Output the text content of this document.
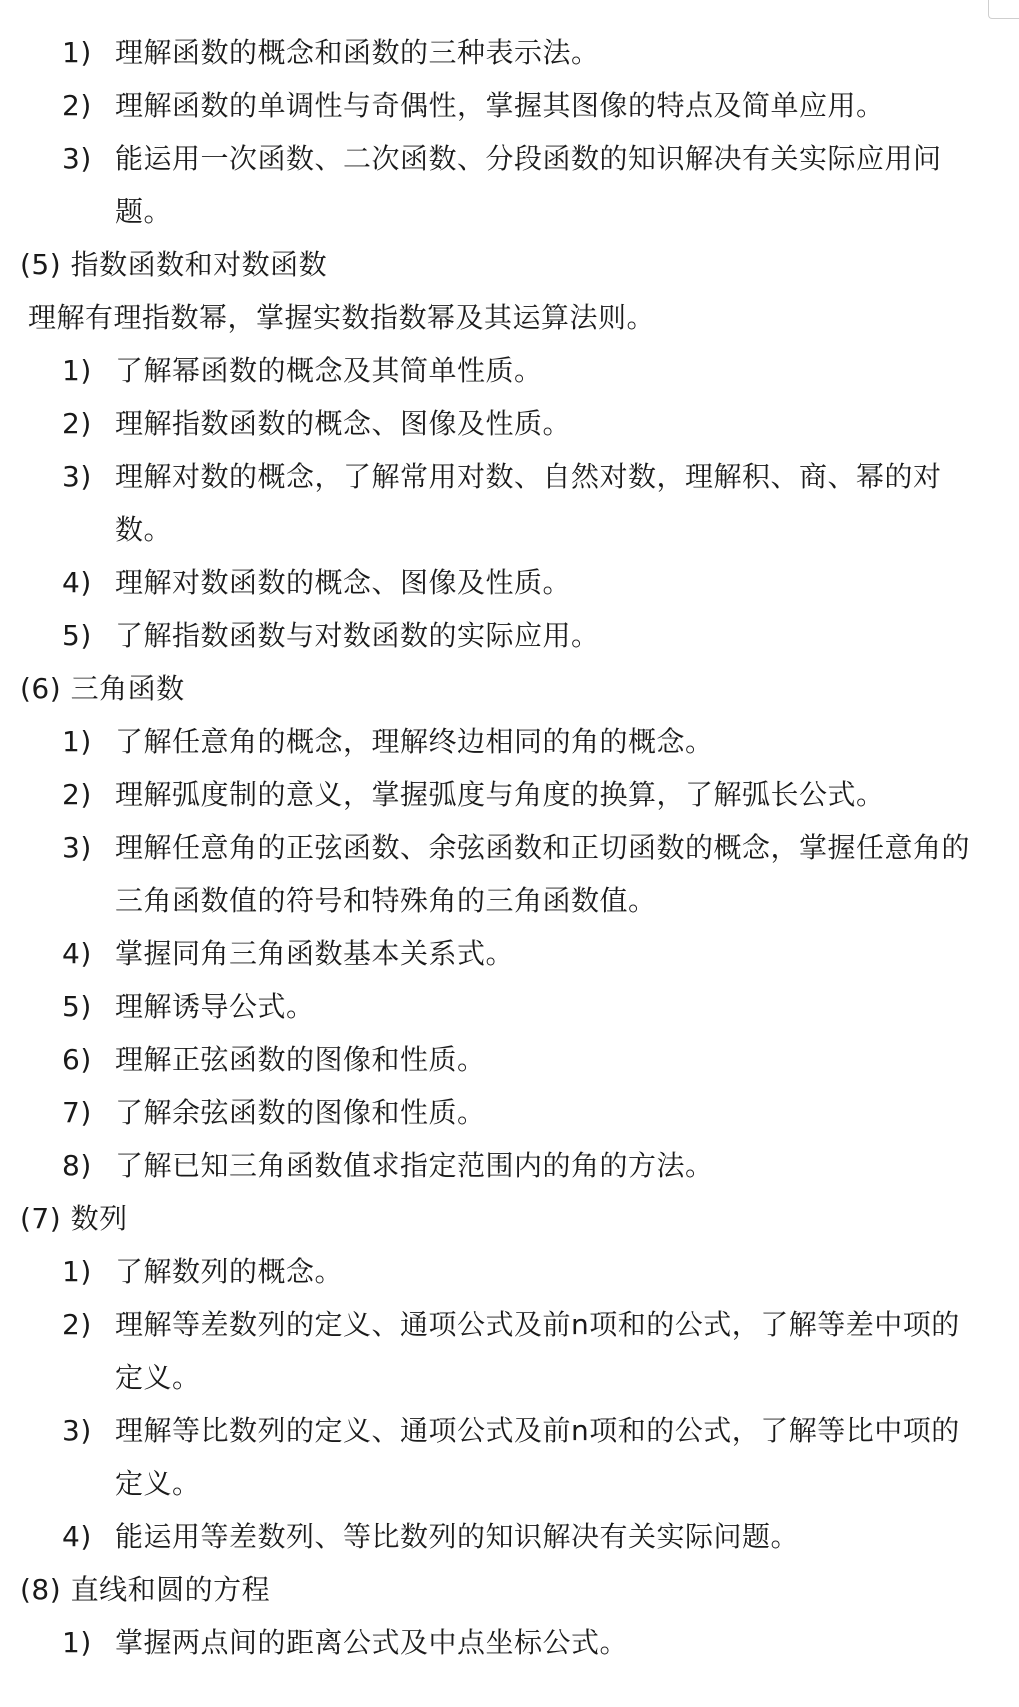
1) 理解函数的概念和函数的三种表示法。
2) 理解函数的单调性与奇偶性，掌握其图像的特点及简单应用。
3) 能运用一次函数、二次函数、分段函数的知识解决有关实际应用问
题。
(5) 指数函数和对数函数
理解有理指数幂，掌握实数指数幂及其运算法则。
1) 了解幂函数的概念及其简单性质。
2) 理解指数函数的概念、图像及性质。
3) 理解对数的概念，了解常用对数、自然对数，理解积、商、幂的对
数。
4) 理解对数函数的概念、图像及性质。
5) 了解指数函数与对数函数的实际应用。
(6) 三角函数
1) 了解任意角的概念，理解终边相同的角的概念。
2) 理解弧度制的意义，掌握弧度与角度的换算，了解弧长公式。
3) 理解任意角的正弦函数、余弦函数和正切函数的概念，掌握任意角的
三角函数值的符号和特殊角的三角函数值。
4) 掌握同角三角函数基本关系式。
5) 理解诱导公式。
6) 理解正弦函数的图像和性质。
7) 了解余弦函数的图像和性质。
8) 了解已知三角函数值求指定范围内的角的方法。
(7) 数列
1) 了解数列的概念。
2) 理解等差数列的定义、通项公式及前n项和的公式，了解等差中项的
定义。
3) 理解等比数列的定义、通项公式及前n项和的公式，了解等比中项的
定义。
4) 能运用等差数列、等比数列的知识解决有关实际问题。
(8) 直线和圆的方程
1) 掌握两点间的距离公式及中点坐标公式。
